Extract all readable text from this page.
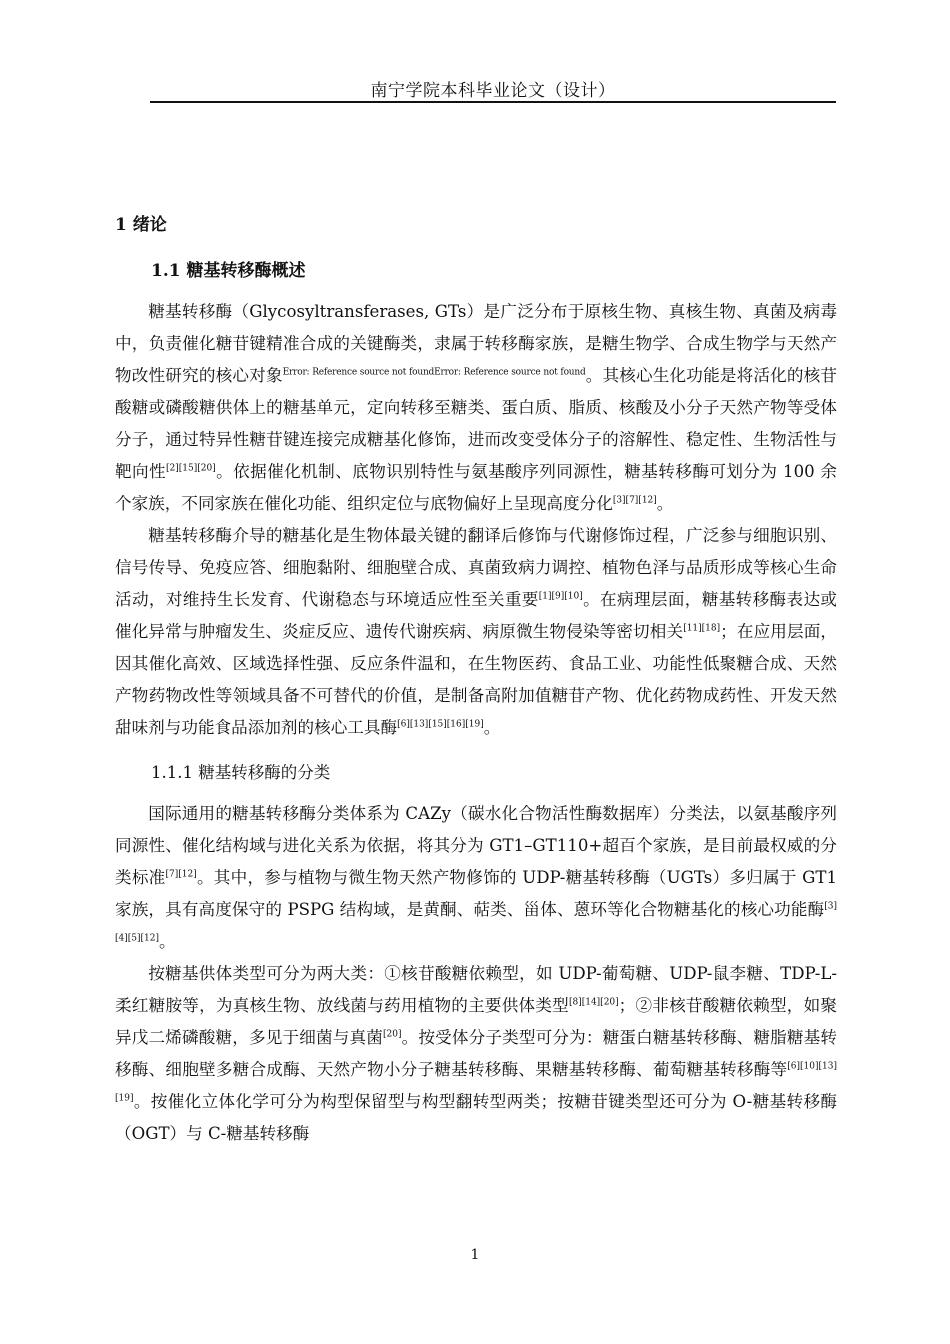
南宁学院本科毕业论文（设计）
1 绪论
1.1 糖基转移酶概述

糖基转移酶（Glycosyltransferases, GTs）是广泛分布于原核生物、真核生物、真菌及病毒中，负责催化糖苷键精准合成的关键酶类，隶属于转移酶家族，是糖生物学、合成生物学与天然产物改性研究的核心对象$^{Error: Reference source not foundError: Reference source not found}$。其核心生化功能是将活化的核苷酸糖或磷酸糖供体上的糖基单元，定向转移至糖类、蛋白质、脂质、核酸及小分子天然产物等受体分子，通过特异性糖苷键连接完成糖基化修饰，进而改变受体分子的溶解性、稳定性、生物活性与靶向性[2][15][20]。依据催化机制、底物识别特性与氨基酸序列同源性，糖基转移酶可划分为 100 余个家族，不同家族在催化功能、组织定位与底物偏好上呈现高度分化[3][7][12]。

糖基转移酶介导的糖基化是生物体最关键的翻译后修饰与代谢修饰过程，广泛参与细胞识别、信号传导、免疫应答、细胞黏附、细胞壁合成、真菌致病力调控、植物色泽与品质形成等核心生命活动，对维持生长发育、代谢稳态与环境适应性至关重要[1][9][10]。在病理层面，糖基转移酶表达或催化异常与肿瘤发生、炎症反应、遗传代谢疾病、病原微生物侵染等密切相关[11][18]；在应用层面，因其催化高效、区域选择性强、反应条件温和，在生物医药、食品工业、功能性低聚糖合成、天然产物药物改性等领域具备不可替代的价值，是制备高附加值糖苷产物、优化药物成药性、开发天然甜味剂与功能食品添加剂的核心工具酶[6][13][15][16][19]。

1.1.1 糖基转移酶的分类

国际通用的糖基转移酶分类体系为 CAZy（碳水化合物活性酶数据库）分类法，以氨基酸序列同源性、催化结构域与进化关系为依据，将其分为 GT1–GT110+超百个家族，是目前最权威的分类标准[7][12]。其中，参与植物与微生物天然产物修饰的 UDP-糖基转移酶（UGTs）多归属于 GT1 家族，具有高度保守的 PSPG 结构域，是黄酮、萜类、甾体、蒽环等化合物糖基化的核心功能酶[3][4][5][12]。

按糖基供体类型可分为两大类：①核苷酸糖依赖型，如 UDP-葡萄糖、UDP-鼠李糖、TDP-L-柔红糖胺等，为真核生物、放线菌与药用植物的主要供体类型[8][14][20]；②非核苷酸糖依赖型，如聚异戊二烯磷酸糖，多见于细菌与真菌[20]。按受体分子类型可分为：糖蛋白糖基转移酶、糖脂糖基转移酶、细胞壁多糖合成酶、天然产物小分子糖基转移酶、果糖基转移酶、葡萄糖基转移酶等[6][10][13][19]。按催化立体化学可分为构型保留型与构型翻转型两类；按糖苷键类型还可分为 O-糖基转移酶（OGT）与 C-糖基转移酶

1
